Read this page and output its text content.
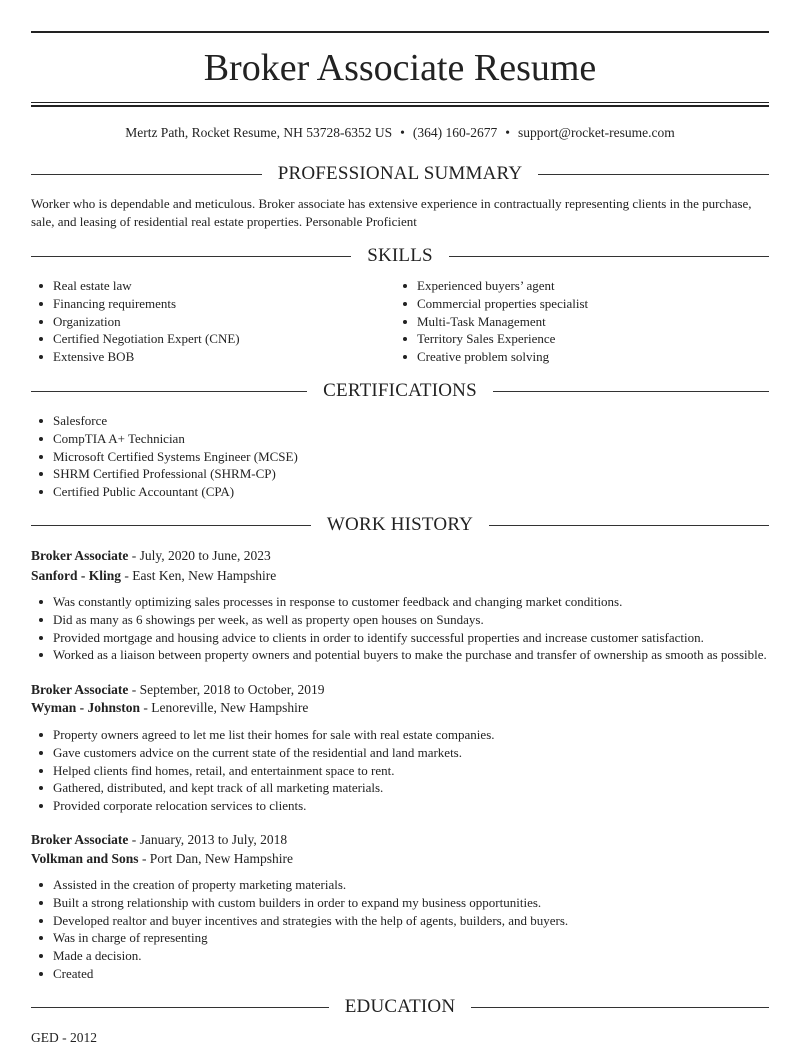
Broker Associate Resume
Mertz Path, Rocket Resume, NH 53728-6352 US • (364) 160-2677 • support@rocket-resume.com
PROFESSIONAL SUMMARY

Worker who is dependable and meticulous. Broker associate has extensive experience in contractually representing clients in the purchase, sale, and leasing of residential real estate properties. Personable Proficient

SKILLS
Real estate law
Financing requirements
Organization
Certified Negotiation Expert (CNE)
Extensive BOB
Experienced buyers’ agent
Commercial properties specialist
Multi-Task Management
Territory Sales Experience
Creative problem solving
CERTIFICATIONS
Salesforce
CompTIA A+ Technician
Microsoft Certified Systems Engineer (MCSE)
SHRM Certified Professional (SHRM-CP)
Certified Public Accountant (CPA)
WORK HISTORY
Broker Associate - July, 2020 to June, 2023
Sanford - Kling - East Ken, New Hampshire
Was constantly optimizing sales processes in response to customer feedback and changing market conditions.
Did as many as 6 showings per week, as well as property open houses on Sundays.
Provided mortgage and housing advice to clients in order to identify successful properties and increase customer satisfaction.
Worked as a liaison between property owners and potential buyers to make the purchase and transfer of ownership as smooth as possible.
Broker Associate - September, 2018 to October, 2019
Wyman - Johnston - Lenoreville, New Hampshire
Property owners agreed to let me list their homes for sale with real estate companies.
Gave customers advice on the current state of the residential and land markets.
Helped clients find homes, retail, and entertainment space to rent.
Gathered, distributed, and kept track of all marketing materials.
Provided corporate relocation services to clients.
Broker Associate - January, 2013 to July, 2018
Volkman and Sons - Port Dan, New Hampshire
Assisted in the creation of property marketing materials.
Built a strong relationship with custom builders in order to expand my business opportunities.
Developed realtor and buyer incentives and strategies with the help of agents, builders, and buyers.
Was in charge of representing
Made a decision.
Created
EDUCATION
GED - 2012
